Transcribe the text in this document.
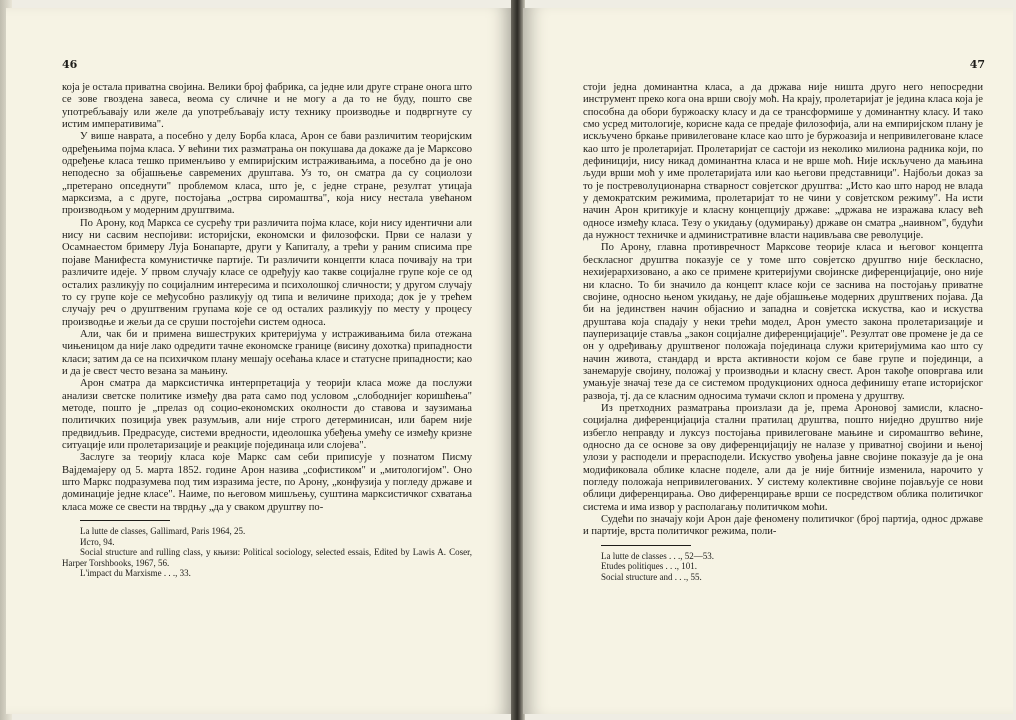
46

која је остала приватна својина. Велики број фабрика, са једне или друге стране онога што се зове гвоздена завеса, веома су сличне и не могу а да то не буду, пошто све употребљавају или желе да употребљавају исту технику производње и подвргнуте су истим императивима".

У више наврата, а посебно у делу Борба класа, Арон се бави различитим теоријским одређењима појма класа. У већини тих разматрања он покушава да докаже да је Марксово одређење класа тешко применљиво у емпиријским истраживањима, а посебно да је оно неподесно за објашњење савремених друштава. Уз то, он сматра да су социолози „претерано опседнути" проблемом класа, што је, с једне стране, резултат утицаја марксизма, а с друге, постојања „острва сиромаштва", која нису нестала увећаном производњом у модерним друштвима.

По Арону, код Маркса се сусрећу три различита појма класе, који нису идентични али нису ни сасвим неспојиви: историјски, економски и филозофски. Први се налази у Осамнаестом бримеру Луја Бонапарте, други у Капиталу, а трећи у раним списима пре појаве Манифеста комунистичке партије. Ти различити концепти класа почивају на три различите идеје. У првом случају класе се одређују као такве социјалне групе које се од осталих разликују по социјалним интересима и психолошкој сличности; у другом случају то су групе које се међусобно разликују од типа и величине прихода; док је у трећем случају реч о друштвеним групама које се од осталих разликују по месту у процесу производње и жељи да се сруши постојећи систем односа.

Али, чак би и примена вишеструких критеријума у истраживањима била отежана чињеницом да није лако одредити тачне економске границе (висину дохотка) припадности класи; затим да се на психичком плану мешају осећања класе и статусне припадности; као и да је свест често везана за мањину.

Арон сматра да марксистичка интерпретација у теорији класа може да послужи анализи светске политике између два рата само под условом „слободнијег коришћења" методе, пошто је „прелаз од социо-економских околности до ставова и заузимања политичких позиција увек разумљив, али није строго детерминисан, или барем није предвидљив. Предрасуде, системи вредности, идеолошка убеђења умећу се између кризне ситуације или пролетаризације и реакције појединаца или слојева".

Заслуге за теорију класа које Маркс сам себи приписује у познатом Писму Вајдемајеру од 5. марта 1852. године Арон назива „софистиком" и „митологијом". Оно што Маркс подразумева под тим изразима јесте, по Арону, „конфузија у погледу државе и доминације једне класе". Наиме, по његовом мишљењу, суштина марксистичког схватања класа може се свести на тврдњу „да у сваком друштву по-

La lutte de classes, Gallimard, Paris 1964, 25.

Исто, 94.

Social structure and rulling class, у књизи: Political sociology, selected essais, Edited by Lawis A. Coser, Harper Torshbooks, 1967, 56.

L'impact du Marxisme . . ., 33.

47

стоји једна доминантна класа, а да држава није ништа друго него непосредни инструмент преко кога она врши своју моћ. На крају, пролетаријат је једина класа која је способна да обори буржоаску класу и да се трансформише у доминантну класу. И тако смо усред митологије, корисне када се предаје филозофија, али на емпиријском плану је искључено бркање привилеговане класе као што је буржоазија и непривилеговане класе као што је пролетаријат. Пролетаријат се састоји из неколико милиона радника који, по дефиницији, нису никад доминантна класа и не врше моћ. Није искључено да мањина људи врши моћ у име пролетаријата или као његови представници". Најбољи доказ за то је постреволуционарна стварност совјетског друштва: „Исто као што народ не влада у демократским режимима, пролетаријат то не чини у совјетском режиму". На исти начин Арон критикује и класну концепцију државе: „држава не изражава класу већ односе између класа. Тезу о укидању (одумирању) државе он сматра „наивном", будући да нужност техничке и административне власти наџивљава све револуције.

По Арону, главна противречност Марксове теорије класа и његовог концепта бескласног друштва показује се у томе што совјетско друштво није бескласно, нехијерархизовано, а ако се примене критеријуми својинске диференцијације, оно није ни класно. То би значило да концепт класе који се заснива на постојању приватне својине, односно њеном укидању, не даје објашњење модерних друштвених појава. Да би на јединствен начин објаснио и западна и совјетска искуства, као и искуства друштава која спадају у неки трећи модел, Арон уместо закона пролетаризације и пауперизације ставља „закон социјалне диференцијације". Резултат ове промене је да се он у одређивању друштвеног положаја појединаца служи критеријумима као што су начин живота, стандард и врста активности којом се баве групе и појединци, а занемарује својину, положај у производњи и класну свест. Арон такође оповргава или умањује значај тезе да се системом продукционих односа дефинишу етапе историјског развоја, тј. да се класним односима тумачи склоп и промена у друштву.

Из претходних разматрања произлази да је, према Ароновој замисли, класно-социјална диференцијација стални пратилац друштва, пошто ниједно друштво није избегло неправду и луксуз постојања привилеговане мањине и сиромаштво већине, односно да се основе за ову диференцијацију не налазе у приватној својини и њеној улози у расподели и прерасподели. Искуство увођења јавне својине показује да је она модификовала облике класне поделе, али да је није битније изменила, нарочито у погледу положаја непривилегованих. У систему колективне својине појављује се нови облици диференцирања. Ово диференцирање врши се посредством облика политичког система и има извор у располагању политичком моћи.

Судећи по значају који Арон даје феномену политичког (број партија, однос државе и партије, врста политичког режима, поли-

La lutte de classes . . ., 52—53.

Etudes politiques . . ., 101.

Social structure and . . ., 55.
